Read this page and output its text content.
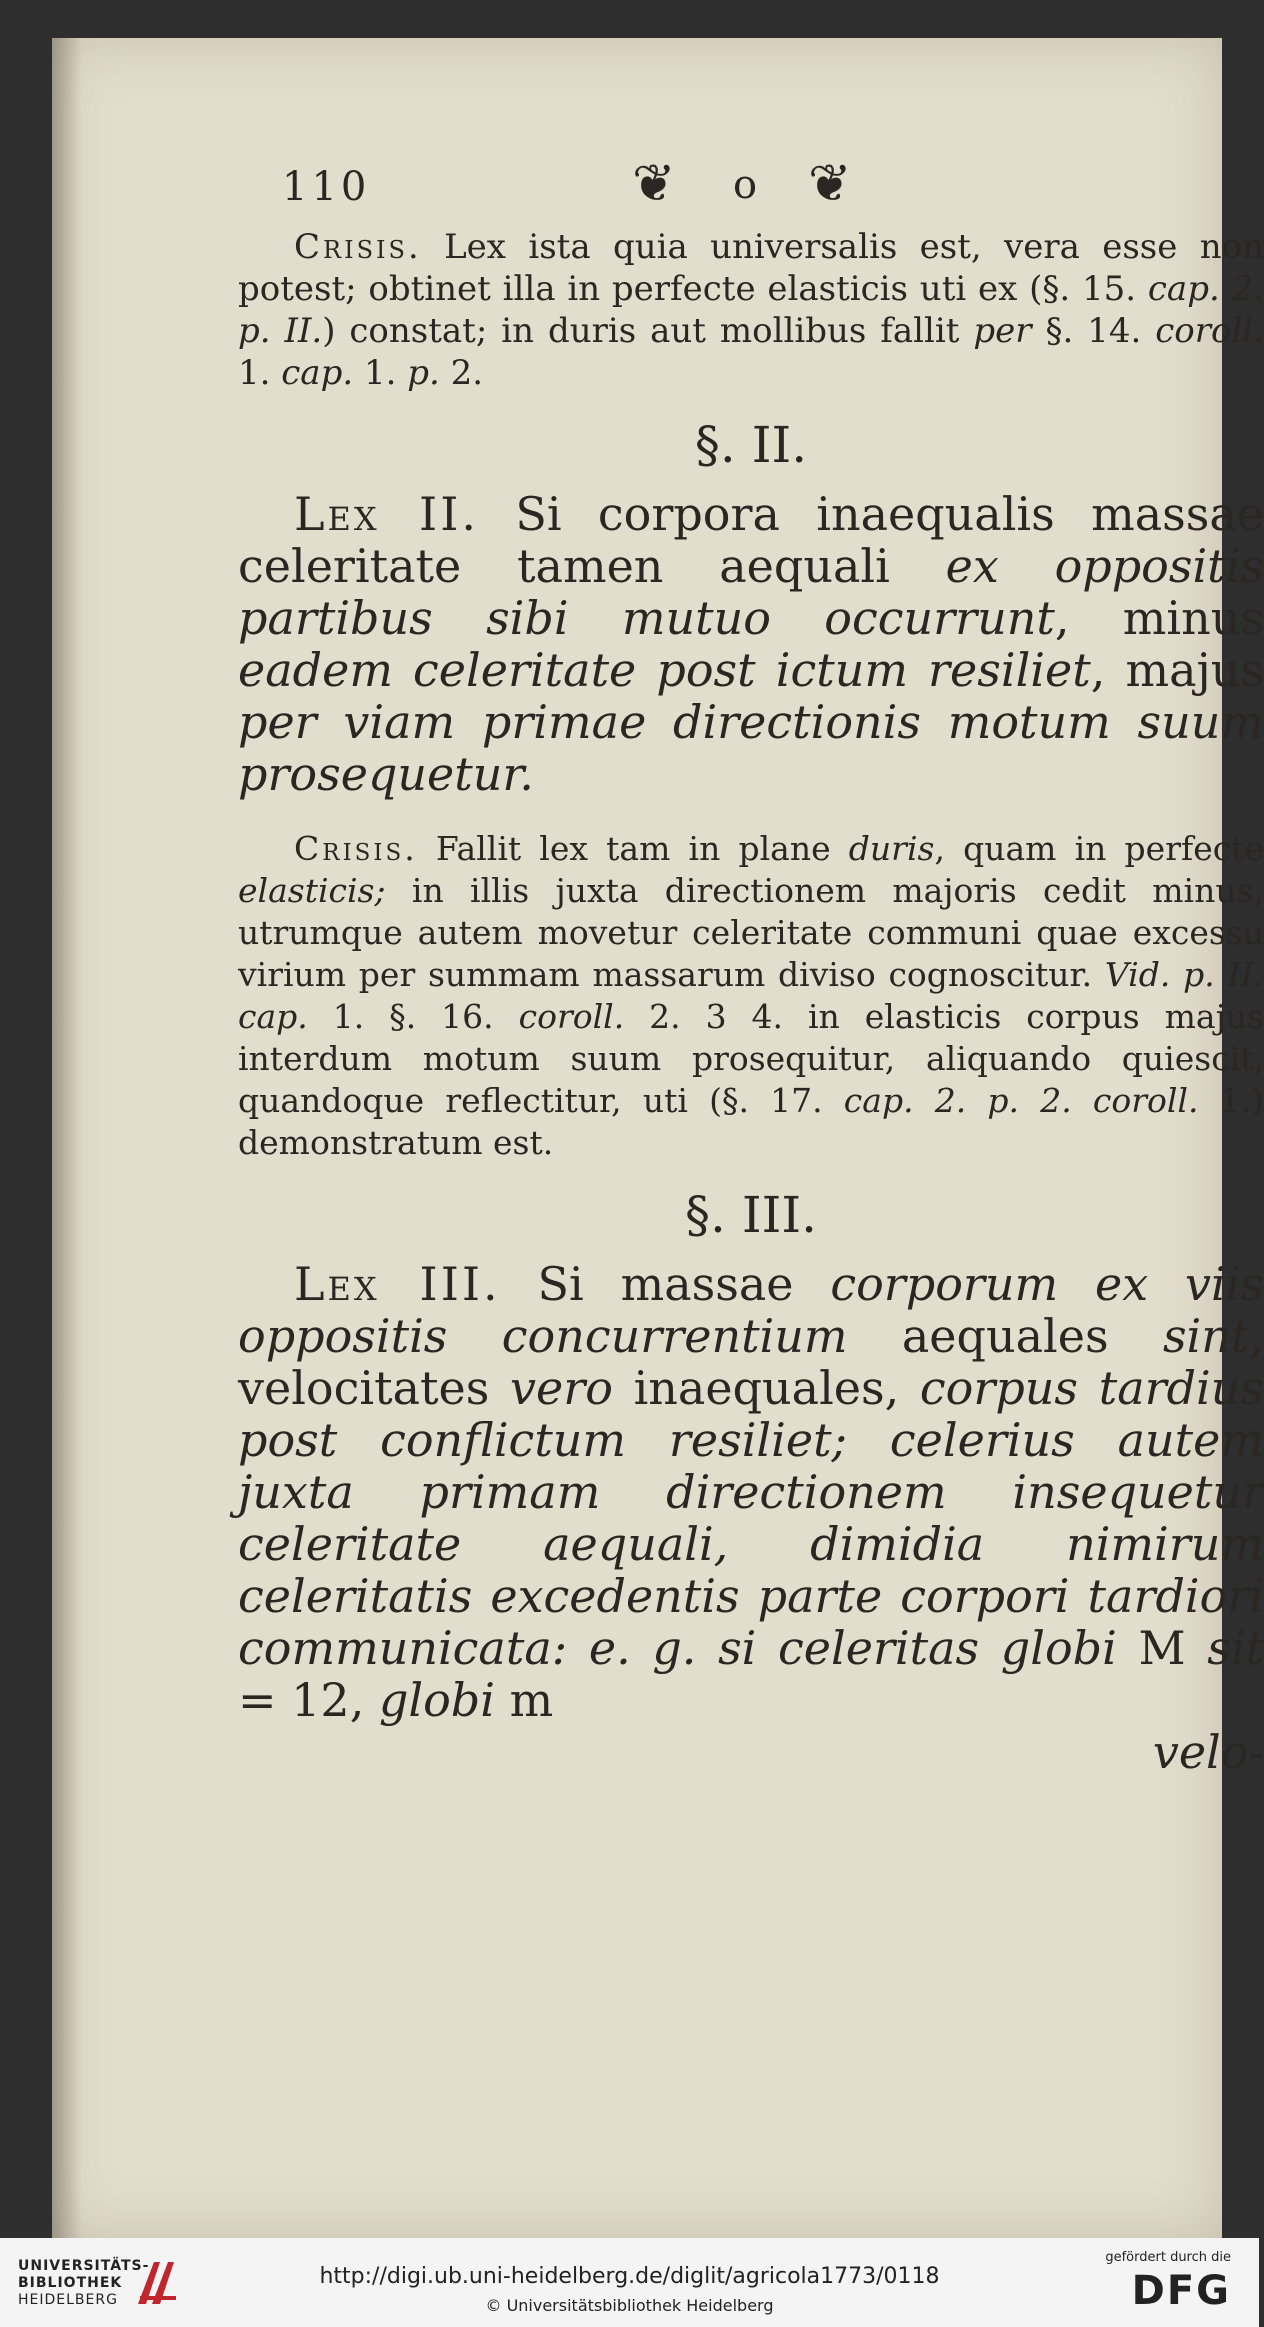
110	❦ o ❦

Crisis. Lex ista quia universalis est, vera esse non potest; obtinet illa in perfecte elasticis uti ex (§. 15. cap. 2. p. II.) constat; in duris aut mollibus fallit per §. 14. coroll. 1. cap. 1. p. 2.

§. II.

Lex II. Si corpora inaequalis massae celeritate tamen aequali ex oppositis partibus sibi mutuo occurrunt, minus eadem celeritate post ictum resiliet, majus per viam primae directionis motum suum prosequetur.

Crisis. Fallit lex tam in plane duris, quam in perfecte elasticis; in illis juxta directionem majoris cedit minus, utrumque autem movetur celeritate communi quae excessu virium per summam massarum diviso cognoscitur. Vid. p. II. cap. 1. §. 16. coroll. 2. 3 4. in elasticis corpus majus interdum motum suum prosequitur, aliquando quiescit, quandoque reflectitur, uti (§. 17. cap. 2. p. 2. coroll. 1.) demonstratum est.

§. III.

Lex III. Si massae corporum ex viis oppositis concurrentium aequales sint, velocitates vero inaequales, corpus tardius post conflictum resiliet; celerius autem juxta primam directionem insequetur celeritate aequali, dimidia nimirum celeritatis excedentis parte corpori tardiori communicata: e. g. si celeritas globi M sit = 12, globi m

velo-
UNIVERSITÄTS-
BIBLIOTHEK
HEIDELBERG
http://digi.ub.uni-heidelberg.de/diglit/agricola1773/0118
© Universitätsbibliothek Heidelberg
gefördert durch die
DFG
